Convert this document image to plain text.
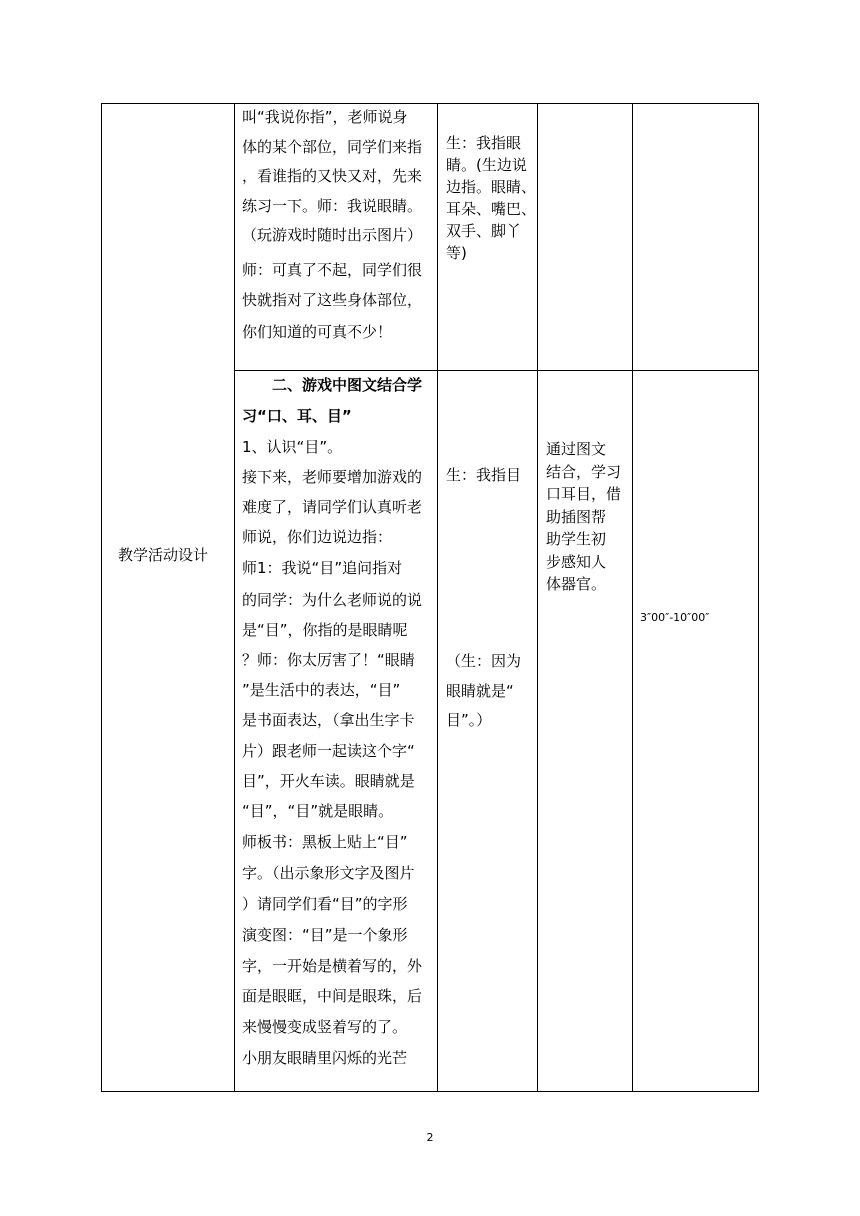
教学活动设计
叫“我说你指”，老师说身
体的某个部位，同学们来指
，看谁指的又快又对，先来
练习一下。师：我说眼睛。
（玩游戏时随时出示图片）
师：可真了不起，同学们很
快就指对了这些身体部位，
你们知道的可真不少！
生：我指眼
睛。(生边说
边指。眼睛、
耳朵、嘴巴、
双手、脚丫
等)
二、游戏中图文结合学
习“口、耳、目”
1、认识“目”。
接下来，老师要增加游戏的
难度了，请同学们认真听老
师说，你们边说边指：
师1：我说“目”追问指对
的同学：为什么老师说的说
是“目”，你指的是眼睛呢
？师：你太厉害了！“眼睛
”是生活中的表达，“目”
是书面表达，（拿出生字卡
片）跟老师一起读这个字“
目”，开火车读。眼睛就是
“目”，“目”就是眼睛。
师板书：黑板上贴上“目”
字。（出示象形文字及图片
）请同学们看“目”的字形
演变图：“目”是一个象形
字，一开始是横着写的，外
面是眼眶，中间是眼珠，后
来慢慢变成竖着写的了。
小朋友眼睛里闪烁的光芒
生：我指目
（生：因为
眼睛就是“
目”。）
通过图文
结合，学习
口耳目，借
助插图帮
助学生初
步感知人
体器官。
3″00″-10″00″
2
